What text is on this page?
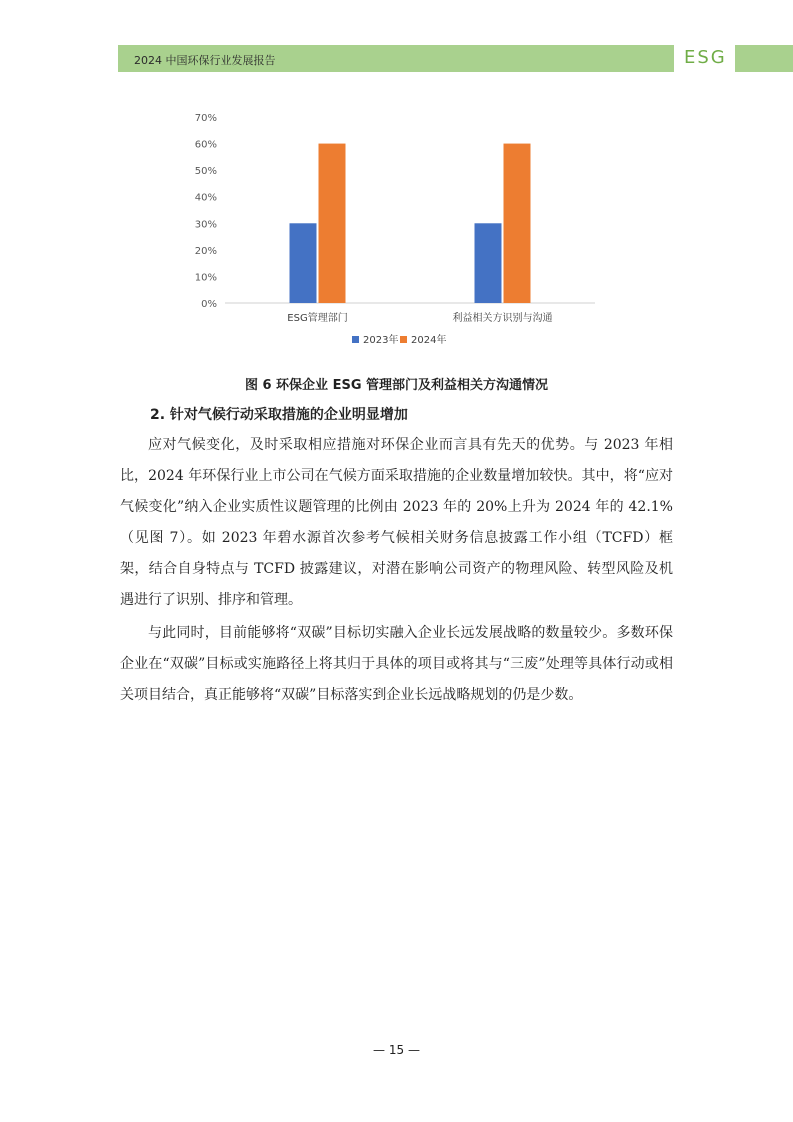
2024 中国环保行业发展报告	ESG
0%
10%
20%
30%
40%
50%
60%
70%
ESG管理部门	利益相关方识别与沟通
2023年 2024年
图 6 环保企业 ESG 管理部门及利益相关方沟通情况
2. 针对气候行动采取措施的企业明显增加

应对气候变化，及时采取相应措施对环保企业而言具有先天的优势。与 2023 年相比，2024 年环保行业上市公司在气候方面采取措施的企业数量增加较快。其中，将“应对气候变化”纳入企业实质性议题管理的比例由 2023 年的 20%上升为 2024 年的 42.1%（见图 7）。如 2023 年碧水源首次参考气候相关财务信息披露工作小组（TCFD）框架，结合自身特点与 TCFD 披露建议，对潜在影响公司资产的物理风险、转型风险及机遇进行了识别、排序和管理。

与此同时，目前能够将“双碳”目标切实融入企业长远发展战略的数量较少。多数环保企业在“双碳”目标或实施路径上将其归于具体的项目或将其与“三废”处理等具体行动或相关项目结合，真正能够将“双碳”目标落实到企业长远战略规划的仍是少数。

— 15 —
